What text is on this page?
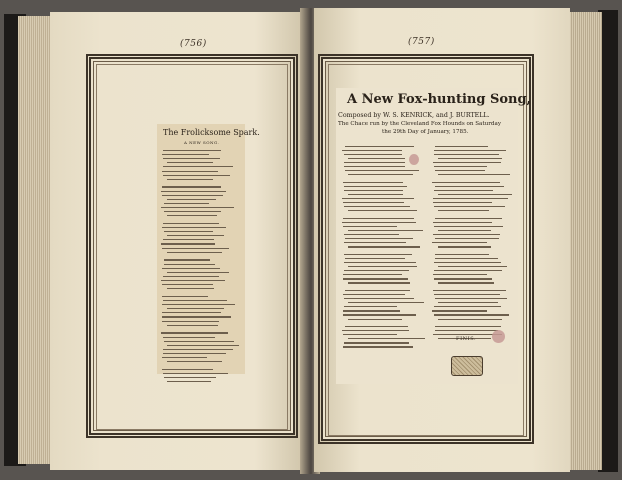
(756)
The Frolicksome Spark.
A NEW SONG.
(757)
A New Fox-hunting Song,
Composed by W. S. KENRICK, and J. BURTELL.
The Chace run by the Cleveland Fox Hounds on Saturday
the 29th Day of January, 1785.
FINIS.
